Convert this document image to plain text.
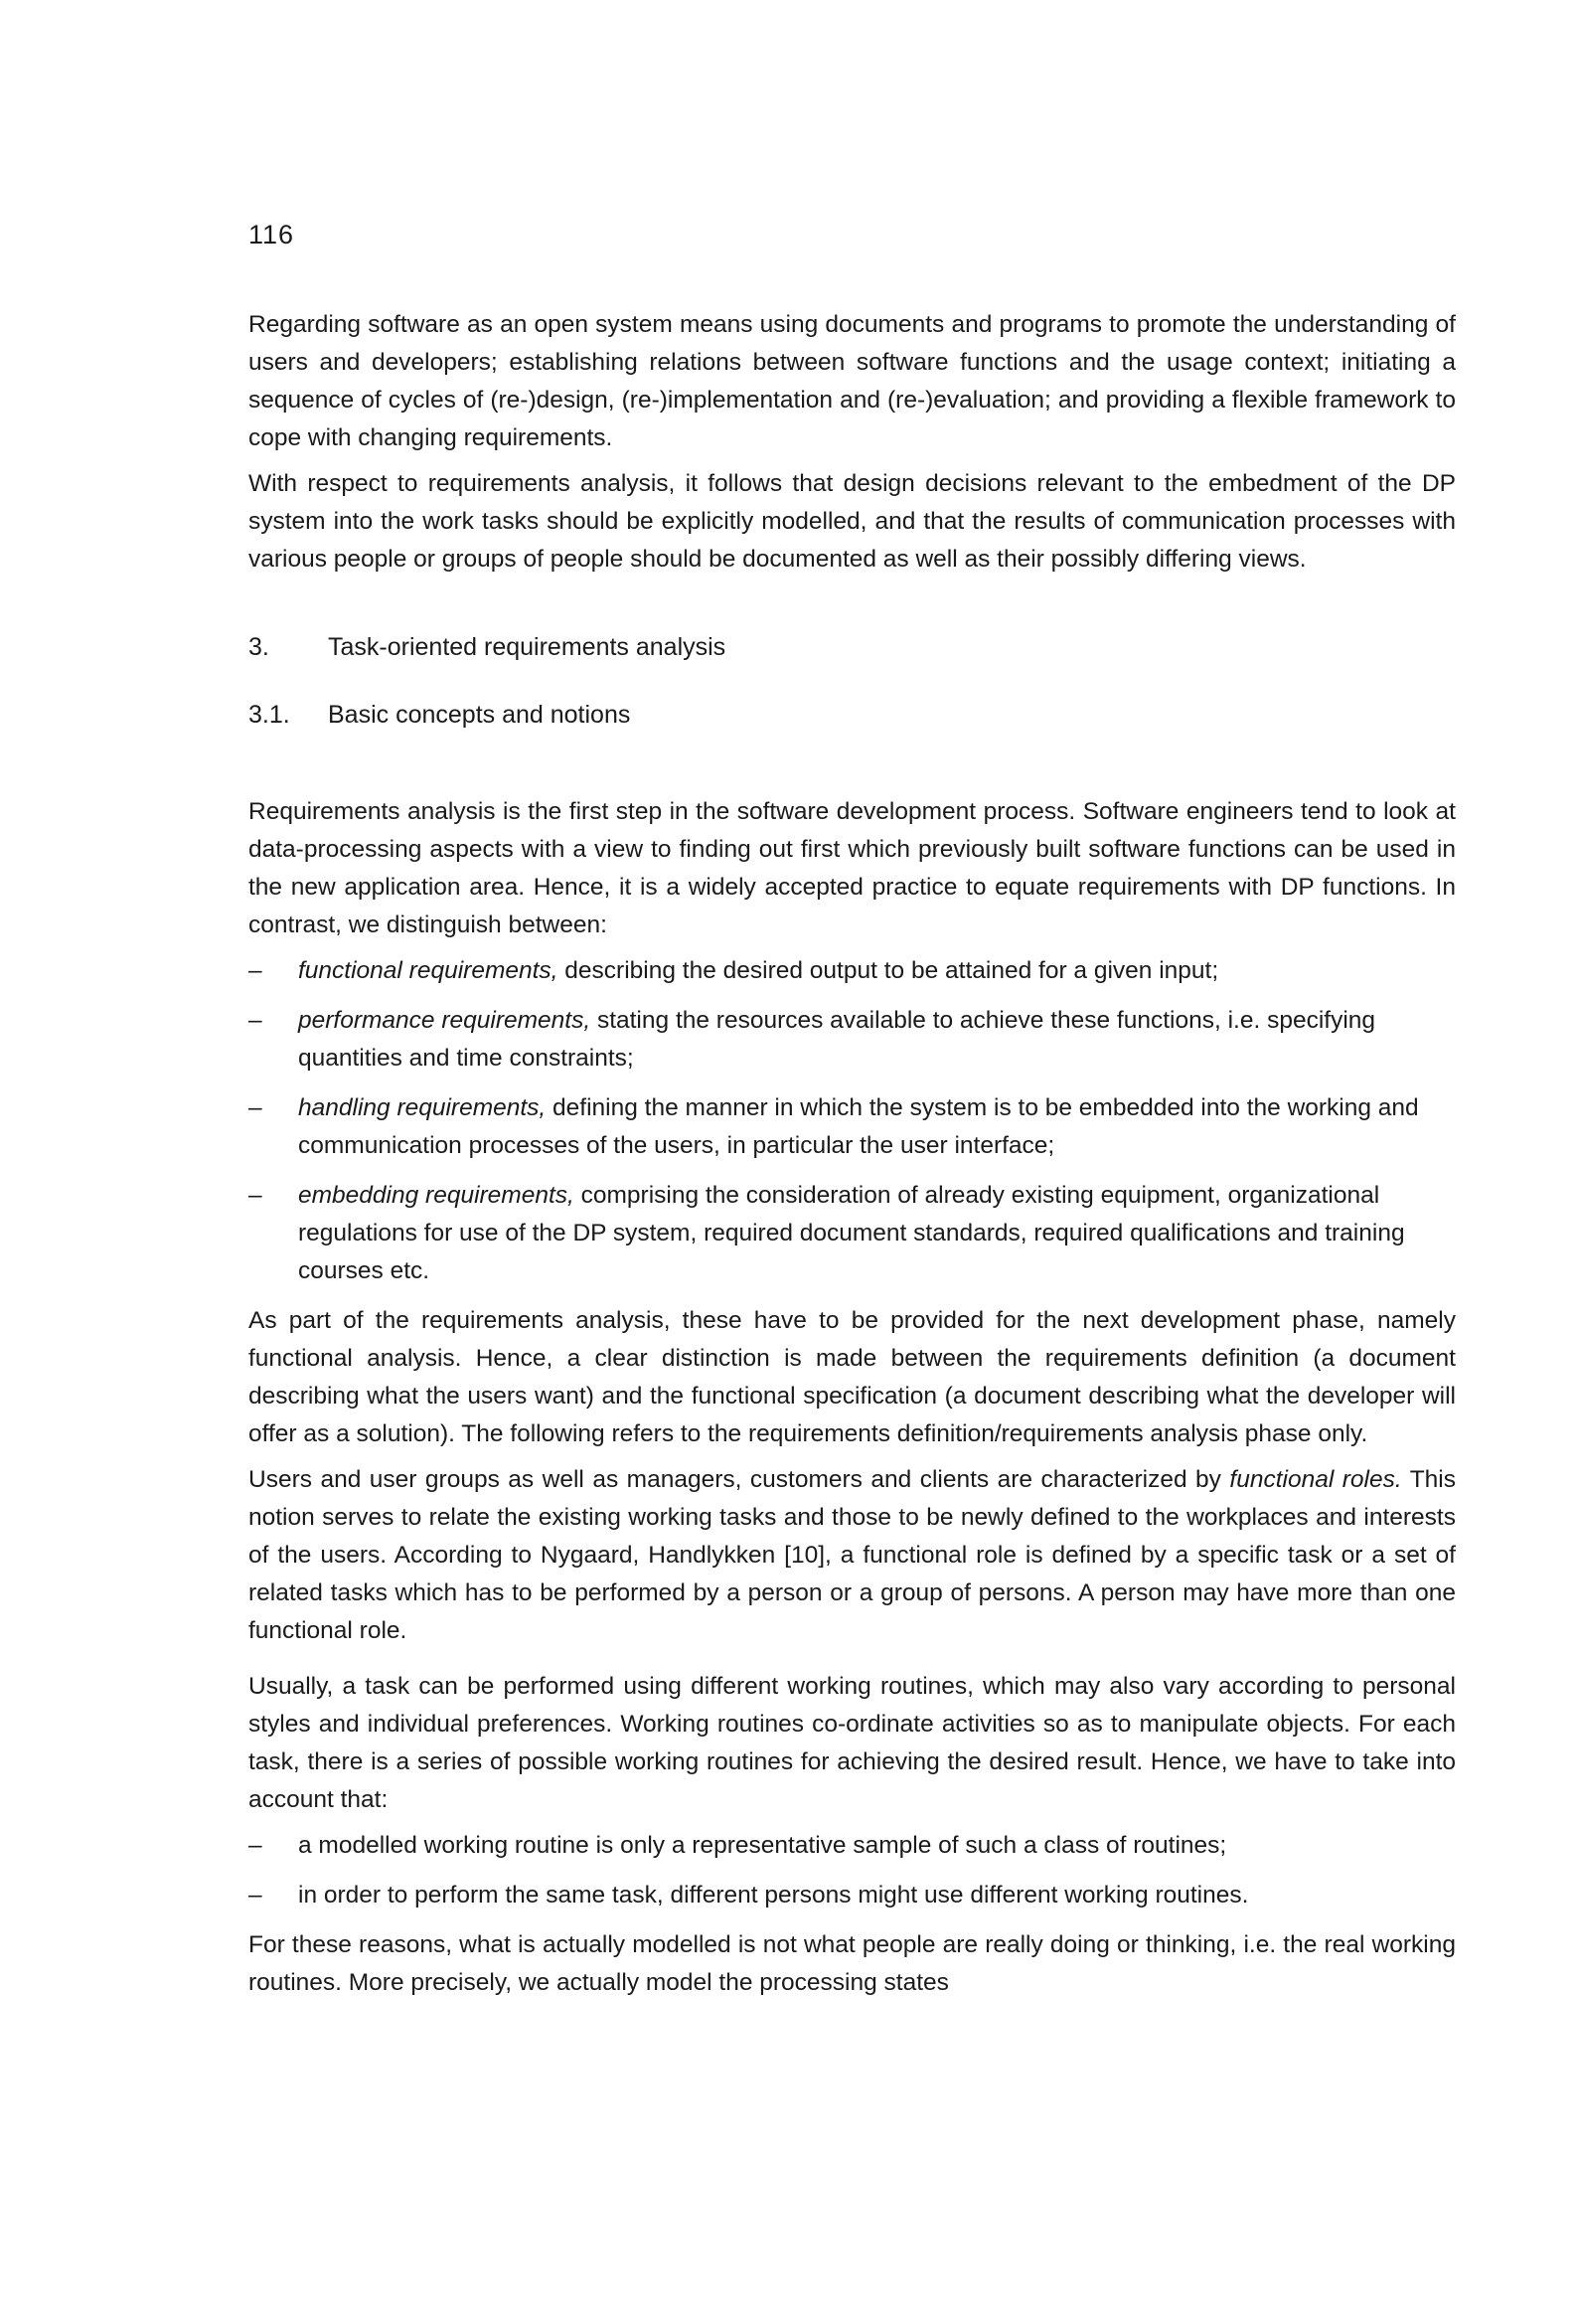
116

Regarding software as an open system means using documents and programs to promote the understanding of users and developers; establishing relations between software functions and the usage context; initiating a sequence of cycles of (re-)design, (re-)implementation and (re-)evaluation; and providing a flexible framework to cope with changing requirements.

With respect to requirements analysis, it follows that design decisions relevant to the embedment of the DP system into the work tasks should be explicitly modelled, and that the results of communication processes with various people or groups of people should be documented as well as their possibly differing views.

3.	Task-oriented requirements analysis
3.1.	Basic concepts and notions

Requirements analysis is the first step in the software development process. Software engineers tend to look at data-processing aspects with a view to finding out first which previously built software functions can be used in the new application area. Hence, it is a widely accepted practice to equate requirements with DP functions. In contrast, we distinguish between:

–	functional requirements, describing the desired output to be attained for a given input;
–	performance requirements, stating the resources available to achieve these functions, i.e. specifying quantities and time constraints;
–	handling requirements, defining the manner in which the system is to be embedded into the working and communication processes of the users, in particular the user interface;
–	embedding requirements, comprising the consideration of already existing equipment, organizational regulations for use of the DP system, required document standards, required qualifications and training courses etc.

As part of the requirements analysis, these have to be provided for the next development phase, namely functional analysis. Hence, a clear distinction is made between the requirements definition (a document describing what the users want) and the functional specification (a document describing what the developer will offer as a solution). The following refers to the requirements definition/requirements analysis phase only.

Users and user groups as well as managers, customers and clients are characterized by functional roles. This notion serves to relate the existing working tasks and those to be newly defined to the workplaces and interests of the users. According to Nygaard, Handlykken [10], a functional role is defined by a specific task or a set of related tasks which has to be performed by a person or a group of persons. A person may have more than one functional role.

Usually, a task can be performed using different working routines, which may also vary according to personal styles and individual preferences. Working routines co-ordinate activities so as to manipulate objects. For each task, there is a series of possible working routines for achieving the desired result. Hence, we have to take into account that:

–	a modelled working routine is only a representative sample of such a class of routines;
–	in order to perform the same task, different persons might use different working routines.

For these reasons, what is actually modelled is not what people are really doing or thinking, i.e. the real working routines. More precisely, we actually model the processing states
